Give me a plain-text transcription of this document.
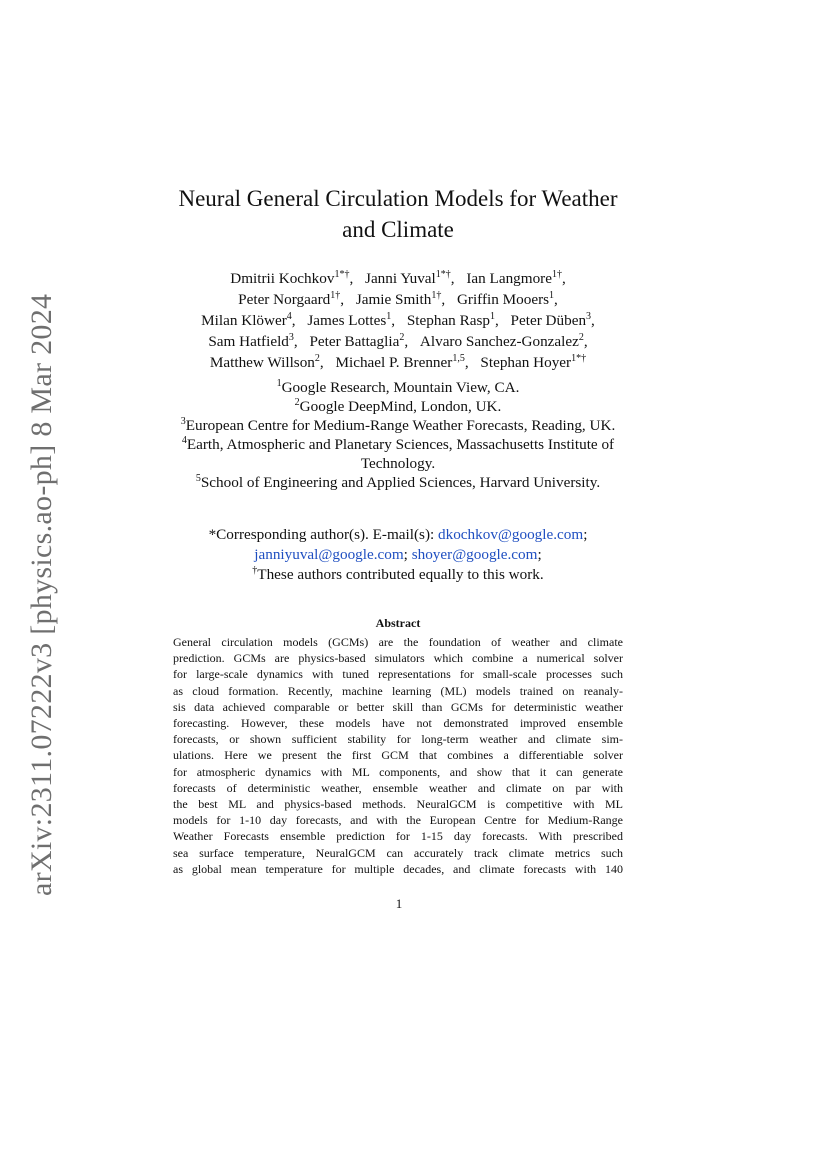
arXiv:2311.07222v3 [physics.ao-ph] 8 Mar 2024
Neural General Circulation Models for Weather
and Climate
Dmitrii Kochkov$^{1*\dagger}$, Janni Yuval$^{1*\dagger}$, Ian Langmore$^{1\dagger}$,
Peter Norgaard$^{1\dagger}$, Jamie Smith$^{1\dagger}$, Griffin Mooers$^1$,
Milan Klöwer$^4$, James Lottes$^1$, Stephan Rasp$^1$, Peter Düben$^3$,
Sam Hatfield$^3$, Peter Battaglia$^2$, Alvaro Sanchez-Gonzalez$^2$,
Matthew Willson$^2$, Michael P. Brenner$^{1,5}$, Stephan Hoyer$^{1*\dagger}$
$^1$Google Research, Mountain View, CA.
$^2$Google DeepMind, London, UK.
$^3$European Centre for Medium-Range Weather Forecasts, Reading, UK.
$^4$Earth, Atmospheric and Planetary Sciences, Massachusetts Institute of Technology.
$^5$School of Engineering and Applied Sciences, Harvard University.
*Corresponding author(s). E-mail(s): dkochkov@google.com;
janniyuval@google.com; shoyer@google.com;
†These authors contributed equally to this work.
Abstract
General circulation models (GCMs) are the foundation of weather and climate
prediction. GCMs are physics-based simulators which combine a numerical solver
for large-scale dynamics with tuned representations for small-scale processes such
as cloud formation. Recently, machine learning (ML) models trained on reanaly-
sis data achieved comparable or better skill than GCMs for deterministic weather
forecasting. However, these models have not demonstrated improved ensemble
forecasts, or shown sufficient stability for long-term weather and climate sim-
ulations. Here we present the first GCM that combines a differentiable solver
for atmospheric dynamics with ML components, and show that it can generate
forecasts of deterministic weather, ensemble weather and climate on par with
the best ML and physics-based methods. NeuralGCM is competitive with ML
models for 1-10 day forecasts, and with the European Centre for Medium-Range
Weather Forecasts ensemble prediction for 1-15 day forecasts. With prescribed
sea surface temperature, NeuralGCM can accurately track climate metrics such
as global mean temperature for multiple decades, and climate forecasts with 140
1
